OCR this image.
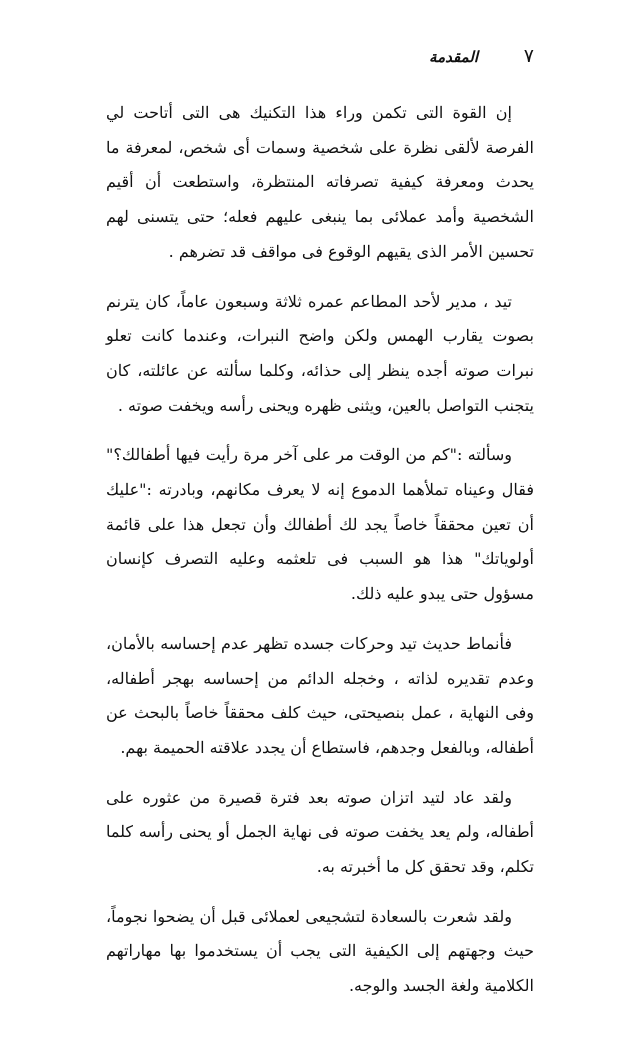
٧
المقدمة

إن القوة التى تكمن وراء هذا التكنيك هى التى أتاحت لي الفرصة لألقى نظرة على شخصية وسمات أى شخص، لمعرفة ما يحدث ومعرفة كيفية تصرفاته المنتظرة، واستطعت أن أقيم الشخصية وأمد عملائى بما ينبغى عليهم فعله؛ حتى يتسنى لهم تحسين الأمر الذى يقيهم الوقوع فى مواقف قد تضرهم .

تيد ، مدير لأحد المطاعم عمره ثلاثة وسبعون عاماً، كان يترنم بصوت يقارب الهمس ولكن واضح النبرات، وعندما كانت تعلو نبرات صوته أجده ينظر إلى حذائه، وكلما سألته عن عائلته، كان يتجنب التواصل بالعين، ويثنى ظهره ويحنى رأسه ويخفت صوته .

وسألته :"كم من الوقت مر على آخر مرة رأيت فيها أطفالك؟" فقال وعيناه تملأهما الدموع إنه لا يعرف مكانهم، وبادرته :"عليك أن تعين محققاً خاصاً يجد لك أطفالك وأن تجعل هذا على قائمة أولوياتك" هذا هو السبب فى تلعثمه وعليه التصرف كإنسان مسؤول حتى يبدو عليه ذلك.

فأنماط حديث تيد وحركات جسده تظهر عدم إحساسه بالأمان، وعدم تقديره لذاته ، وخجله الدائم من إحساسه بهجر أطفاله، وفى النهاية ، عمل بنصيحتى، حيث كلف محققاً خاصاً بالبحث عن أطفاله، وبالفعل وجدهم، فاستطاع أن يجدد علاقته الحميمة بهم.

ولقد عاد لتيد اتزان صوته بعد فترة قصيرة من عثوره على أطفاله، ولم يعد يخفت صوته فى نهاية الجمل أو يحنى رأسه كلما تكلم، وقد تحقق كل ما أخبرته به.

ولقد شعرت بالسعادة لتشجيعى لعملائى قبل أن يضحوا نجوماً، حيث وجهتهم إلى الكيفية التى يجب أن يستخدموا بها مهاراتهم الكلامية ولغة الجسد والوجه.
